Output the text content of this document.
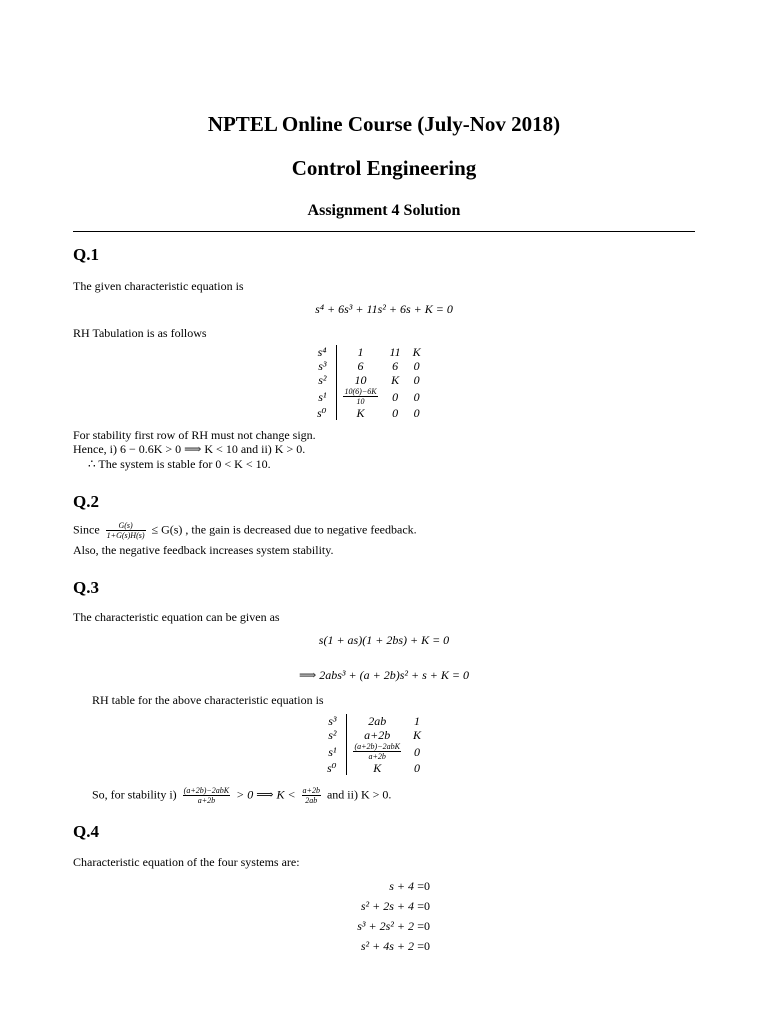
NPTEL Online Course (July-Nov 2018)
Control Engineering
Assignment 4 Solution
Q.1
The given characteristic equation is
s⁴ + 6s³ + 11s² + 6s + K = 0
RH Tabulation is as follows
s⁴	1	11	K
s³	6	6	0
s²	10	K	0
s¹	$\frac{10(6)-6K}{10}$	0	0
s⁰	K	0	0
For stability first row of RH must not change sign.
Hence, i) 6 − 0.6K > 0 ⟹ K < 10 and ii) K > 0.
∴ The system is stable for 0 < K < 10.
Q.2
Since $\frac{G(s)}{1+G(s)H(s)} \le G(s)$ , the gain is decreased due to negative feedback.
Also, the negative feedback increases system stability.
Q.3
The characteristic equation can be given as
s(1 + as)(1 + 2bs) + K = 0
⟹ 2abs³ + (a + 2b)s² + s + K = 0
RH table for the above characteristic equation is
s³	2ab	1
s²	a+2b	K
s¹	$\frac{\text{(a+2b)−2abK}}{a+2b}$	0
s⁰	K	0
So, for stability $i) \frac{\text{(a+2b)−2abK}}{a+2b} > 0$ ⟹ $K < \frac{a+2b}{2ab}$ and ii) K > 0.
Q.4
Characteristic equation of the four systems are:
s + 4 =0
s² + 2s + 4 =0
s³ + 2s² + 2 =0
s² + 4s + 2 =0
